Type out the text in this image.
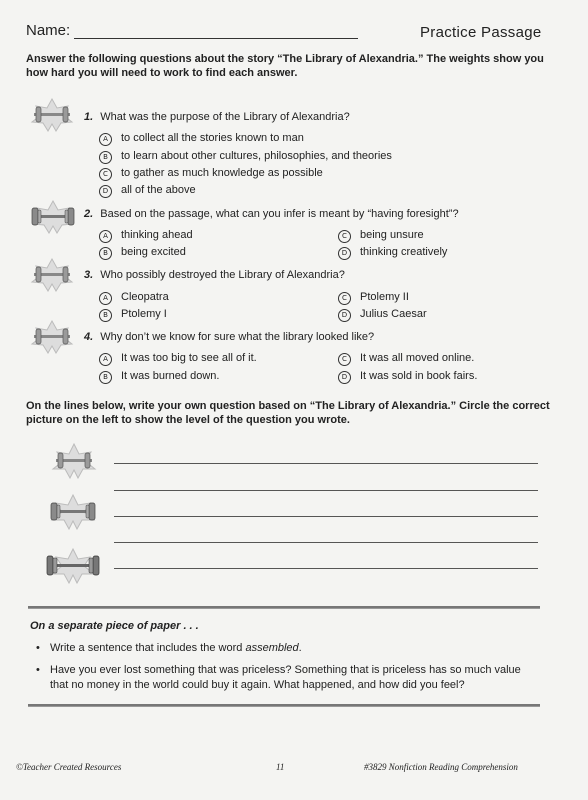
Name:	Practice Passage
Answer the following questions about the story “The Library of Alexandria.” The weights show you how hard you will need to work to find each answer.
1. What was the purpose of the Library of Alexandria?
A to collect all the stories known to man
B to learn about other cultures, philosophies, and theories
C to gather as much knowledge as possible
D all of the above
2. Based on the passage, what can you infer is meant by “having foresight”?
A thinking ahead
B being excited
C being unsure
D thinking creatively
3. Who possibly destroyed the Library of Alexandria?
A Cleopatra
B Ptolemy I
C Ptolemy II
D Julius Caesar
4. Why don’t we know for sure what the library looked like?
A It was too big to see all of it.
B It was burned down.
C It was all moved online.
D It was sold in book fairs.
On the lines below, write your own question based on “The Library of Alexandria.” Circle the correct picture on the left to show the level of the question you wrote.
On a separate piece of paper . . .
• Write a sentence that includes the word assembled.
• Have you ever lost something that was priceless? Something that is priceless has so much value that no money in the world could buy it again. What happened, and how did you feel?
©Teacher Created Resources	11	#3829 Nonfiction Reading Comprehension
